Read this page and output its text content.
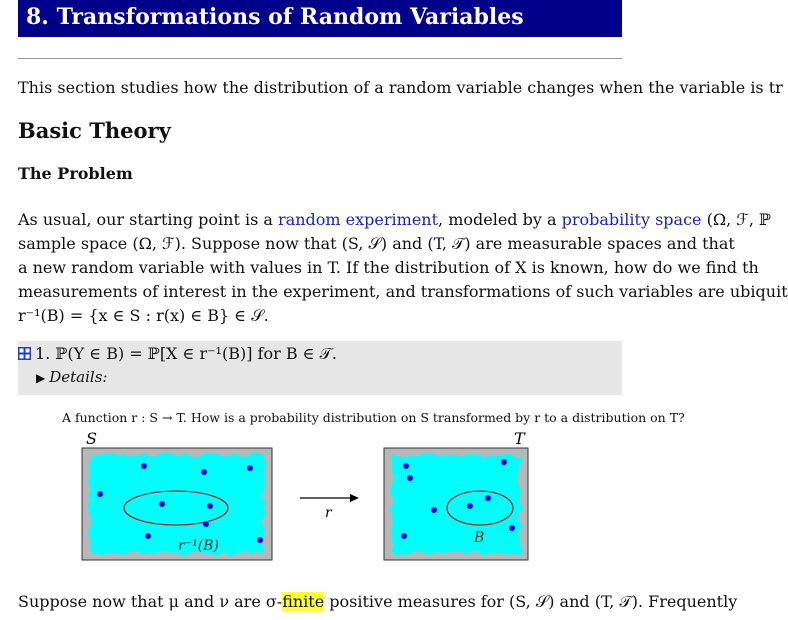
8. Transformations of Random Variables
This section studies how the distribution of a random variable changes when the variable is tr
Basic Theory
The Problem
As usual, our starting point is a random experiment, modeled by a probability space (Ω, ℱ, ℙ
sample space (Ω, ℱ). Suppose now that (S, 𝒮) and (T, 𝒯) are measurable spaces and that
a new random variable with values in T. If the distribution of X is known, how do we find th
measurements of interest in the experiment, and transformations of such variables are ubiquit
r⁻¹(B) = {x ∈ S : r(x) ∈ B} ∈ 𝒮.
1. ℙ(Y ∈ B) = ℙ[X ∈ r⁻¹(B)] for B ∈ 𝒯.
▶ Details:
A function r : S → T. How is a probability distribution on S transformed by r to a distribution on T?
S	T
r⁻¹(B)
r
B
Suppose now that μ and ν are σ-finite positive measures for (S, 𝒮) and (T, 𝒯). Frequently
